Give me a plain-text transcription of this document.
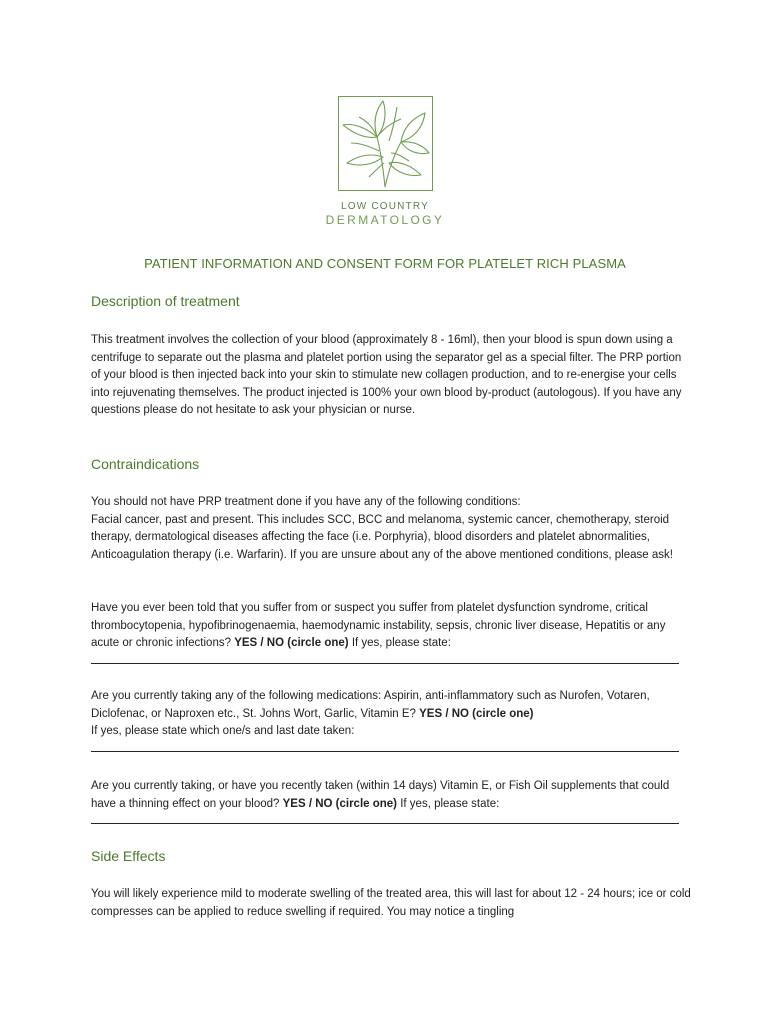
LOW COUNTRY
DERMATOLOGY
PATIENT INFORMATION AND CONSENT FORM FOR PLATELET RICH PLASMA
Description of treatment

This treatment involves the collection of your blood (approximately 8 - 16ml), then your blood is spun down using a centrifuge to separate out the plasma and platelet portion using the separator gel as a special filter. The PRP portion of your blood is then injected back into your skin to stimulate new collagen production, and to re-energise your cells into rejuvenating themselves. The product injected is 100% your own blood by-product (autologous). If you have any questions please do not hesitate to ask your physician or nurse.

Contraindications

You should not have PRP treatment done if you have any of the following conditions:

Facial cancer, past and present. This includes SCC, BCC and melanoma, systemic cancer, chemotherapy, steroid therapy, dermatological diseases affecting the face (i.e. Porphyria), blood disorders and platelet abnormalities, Anticoagulation therapy (i.e. Warfarin). If you are unsure about any of the above mentioned conditions, please ask!

Have you ever been told that you suffer from or suspect you suffer from platelet dysfunction syndrome, critical thrombocytopenia, hypofibrinogenaemia, haemodynamic instability, sepsis, chronic liver disease, Hepatitis or any acute or chronic infections? YES / NO (circle one) If yes, please state:

Are you currently taking any of the following medications: Aspirin, anti-inflammatory such as Nurofen, Votaren, Diclofenac, or Naproxen etc., St. Johns Wort, Garlic, Vitamin E? YES / NO (circle one)

If yes, please state which one/s and last date taken:

Are you currently taking, or have you recently taken (within 14 days) Vitamin E, or Fish Oil supplements that could have a thinning effect on your blood? YES / NO (circle one) If yes, please state:

Side Effects

You will likely experience mild to moderate swelling of the treated area, this will last for about 12 - 24 hours; ice or cold compresses can be applied to reduce swelling if required. You may notice a tingling
